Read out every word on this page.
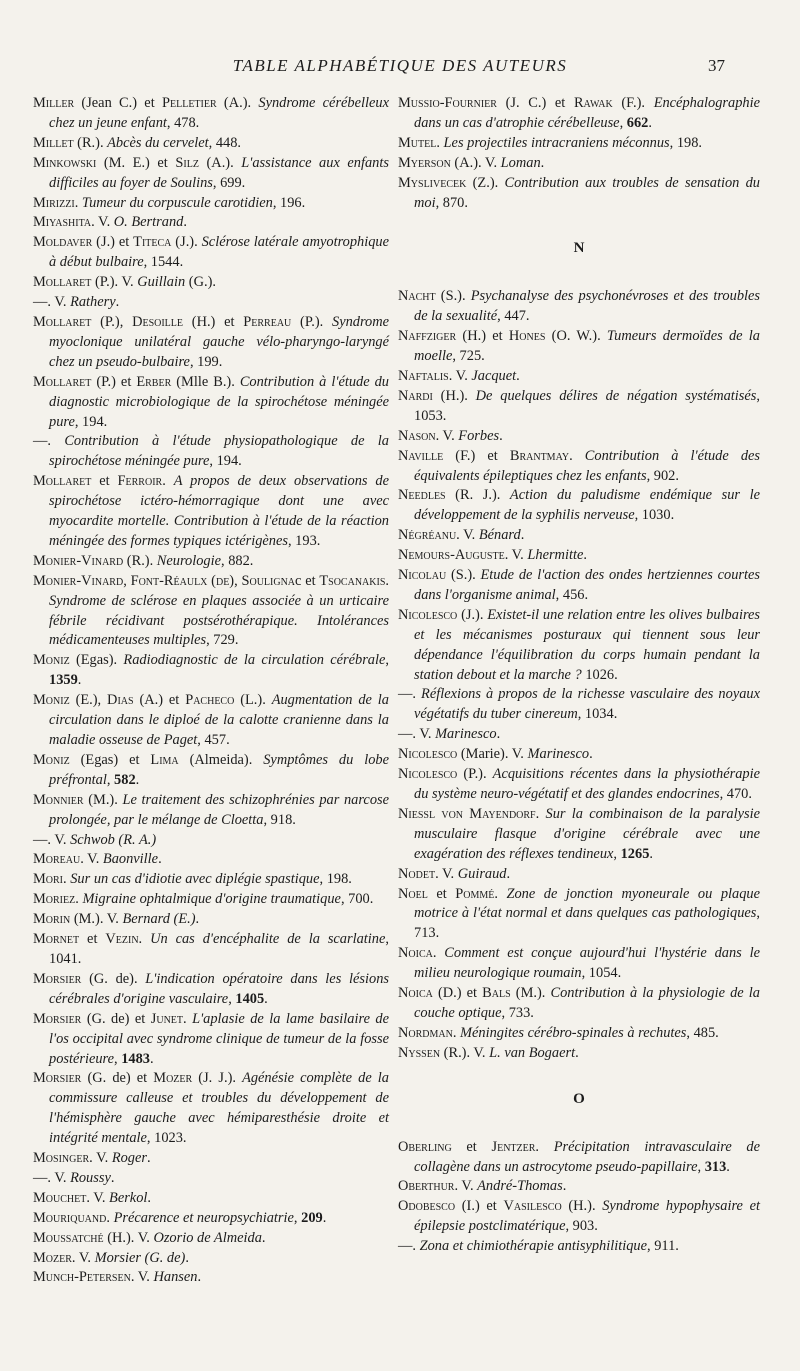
TABLE ALPHABÉTIQUE DES AUTEURS	37

Miller (Jean C.) et Pelletier (A.). Syndrome cérébelleux chez un jeune enfant, 478.

Millet (R.). Abcès du cervelet, 448.

Minkowski (M. E.) et Silz (A.). L'assistance aux enfants difficiles au foyer de Soulins, 699.

Mirizzi. Tumeur du corpuscule carotidien, 196.

Miyashita. V. O. Bertrand.

Moldaver (J.) et Titeca (J.). Sclérose latérale amyotrophique à début bulbaire, 1544.

Mollaret (P.). V. Guillain (G.).

—. V. Rathery.

Mollaret (P.), Desoille (H.) et Perreau (P.). Syndrome myoclonique unilatéral gauche vélo-pharyngo-laryngé chez un pseudo-bulbaire, 199.

Mollaret (P.) et Erber (Mlle B.). Contribution à l'étude du diagnostic microbiologique de la spirochétose méningée pure, 194.

—. Contribution à l'étude physiopathologique de la spirochétose méningée pure, 194.

Mollaret et Ferroir. A propos de deux observations de spirochétose ictéro-hémorragique dont une avec myocardite mortelle. Contribution à l'étude de la réaction méningée des formes typiques ictérigènes, 193.

Monier-Vinard (R.). Neurologie, 882.

Monier-Vinard, Font-Réaulx (de), Soulignac et Tsocanakis. Syndrome de sclérose en plaques associée à un urticaire fébrile récidivant postsérothérapique. Intolérances médicamenteuses multiples, 729.

Moniz (Egas). Radiodiagnostic de la circulation cérébrale, 1359.

Moniz (E.), Dias (A.) et Pacheco (L.). Augmentation de la circulation dans le diploé de la calotte cranienne dans la maladie osseuse de Paget, 457.

Moniz (Egas) et Lima (Almeida). Symptômes du lobe préfrontal, 582.

Monnier (M.). Le traitement des schizophrénies par narcose prolongée, par le mélange de Cloetta, 918.

—. V. Schwob (R. A.)

Moreau. V. Baonville.

Mori. Sur un cas d'idiotie avec diplégie spastique, 198.

Moriez. Migraine ophtalmique d'origine traumatique, 700.

Morin (M.). V. Bernard (E.).

Mornet et Vezin. Un cas d'encéphalite de la scarlatine, 1041.

Morsier (G. de). L'indication opératoire dans les lésions cérébrales d'origine vasculaire, 1405.

Morsier (G. de) et Junet. L'aplasie de la lame basilaire de l'os occipital avec syndrome clinique de tumeur de la fosse postérieure, 1483.

Morsier (G. de) et Mozer (J. J.). Agénésie complète de la commissure calleuse et troubles du développement de l'hémisphère gauche avec hémiparesthésie droite et intégrité mentale, 1023.

Mosinger. V. Roger.

—. V. Roussy.

Mouchet. V. Berkol.

Mouriquand. Précarence et neuropsychiatrie, 209.

Moussatché (H.). V. Ozorio de Almeida.

Mozer. V. Morsier (G. de).

Munch-Petersen. V. Hansen.

Mussio-Fournier (J. C.) et Rawak (F.). Encéphalographie dans un cas d'atrophie cérébelleuse, 662.

Mutel. Les projectiles intracraniens méconnus, 198.

Myerson (A.). V. Loman.

Myslivecek (Z.). Contribution aux troubles de sensation du moi, 870.

N

Nacht (S.). Psychanalyse des psychonévroses et des troubles de la sexualité, 447.

Naffziger (H.) et Hones (O. W.). Tumeurs dermoïdes de la moelle, 725.

Naftalis. V. Jacquet.

Nardi (H.). De quelques délires de négation systématisés, 1053.

Nason. V. Forbes.

Naville (F.) et Brantmay. Contribution à l'étude des équivalents épileptiques chez les enfants, 902.

Needles (R. J.). Action du paludisme endémique sur le développement de la syphilis nerveuse, 1030.

Négréanu. V. Bénard.

Nemours-Auguste. V. Lhermitte.

Nicolau (S.). Etude de l'action des ondes hertziennes courtes dans l'organisme animal, 456.

Nicolesco (J.). Existet-il une relation entre les olives bulbaires et les mécanismes posturaux qui tiennent sous leur dépendance l'équilibration du corps humain pendant la station debout et la marche ? 1026.

—. Réflexions à propos de la richesse vasculaire des noyaux végétatifs du tuber cinereum, 1034.

—. V. Marinesco.

Nicolesco (Marie). V. Marinesco.

Nicolesco (P.). Acquisitions récentes dans la physiothérapie du système neuro-végétatif et des glandes endocrines, 470.

Niessl von Mayendorf. Sur la combinaison de la paralysie musculaire flasque d'origine cérébrale avec une exagération des réflexes tendineux, 1265.

Nodet. V. Guiraud.

Noel et Pommé. Zone de jonction myoneurale ou plaque motrice à l'état normal et dans quelques cas pathologiques, 713.

Noica. Comment est conçue aujourd'hui l'hystérie dans le milieu neurologique roumain, 1054.

Noica (D.) et Bals (M.). Contribution à la physiologie de la couche optique, 733.

Nordman. Méningites cérébro-spinales à rechutes, 485.

Nyssen (R.). V. L. van Bogaert.

O

Oberling et Jentzer. Précipitation intravasculaire de collagène dans un astrocytome pseudo-papillaire, 313.

Oberthur. V. André-Thomas.

Odobesco (I.) et Vasilesco (H.). Syndrome hypophysaire et épilepsie postclimatérique, 903.

—. Zona et chimiothérapie antisyphilitique, 911.
